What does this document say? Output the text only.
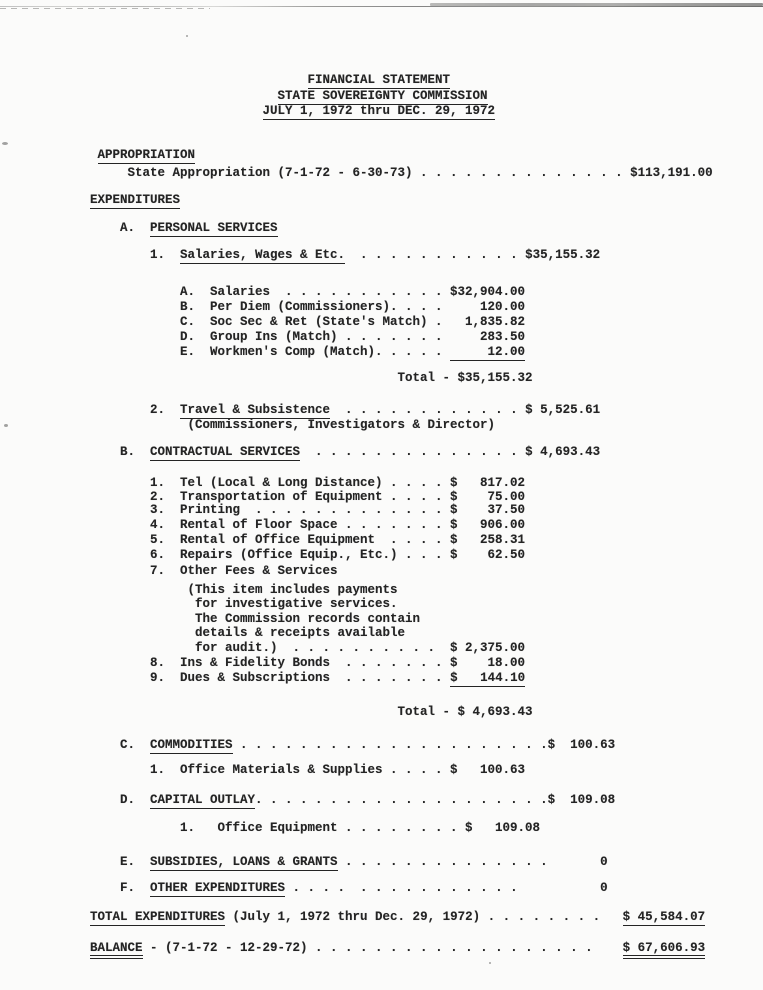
FINANCIAL STATEMENT
STATE SOVEREIGNTY COMMISSION
JULY 1, 1972 thru DEC. 29, 1972
APPROPRIATION
State Appropriation (7-1-72 - 6-30-73) . . . . . . . . . . . . . . $113,191.00
EXPENDITURES
A.  PERSONAL SERVICES
1.  Salaries, Wages & Etc.  . . . . . . . . . . . $35,155.32
A.  Salaries  . . . . . . . . . . . $32,904.00
B.  Per Diem (Commissioners). . . .     120.00
C.  Soc Sec & Ret (State's Match) .   1,835.82
D.  Group Ins (Match) . . . . . . .     283.50
E.  Workmen's Comp (Match). . . . .      12.00
Total - $35,155.32
2.  Travel & Subsistence  . . . . . . . . . . . . $ 5,525.61
(Commissioners, Investigators & Director)
B.  CONTRACTUAL SERVICES  . . . . . . . . . . . . . . $ 4,693.43
1.  Tel (Local & Long Distance) . . . . $   817.02
2.  Transportation of Equipment . . . . $    75.00
3.  Printing  . . . . . . . . . . . . . $    37.50
4.  Rental of Floor Space . . . . . . . $   906.00
5.  Rental of Office Equipment  . . . . $   258.31
6.  Repairs (Office Equip., Etc.) . . . $    62.50
7.  Other Fees & Services
(This item includes payments
for investigative services.
The Commission records contain
details & receipts available
for audit.)  . . . . . . . . . .  $ 2,375.00
8.  Ins & Fidelity Bonds  . . . . . . . $    18.00
9.  Dues & Subscriptions  . . . . . . . $   144.10
Total - $ 4,693.43
C.  COMMODITIES . . . . . . . . . . . . . . . . . . . . .$  100.63
1.  Office Materials & Supplies . . . . $   100.63
D.  CAPITAL OUTLAY. . . . . . . . . . . . . . . . . . . .$  109.08
1.   Office Equipment . . . . . . . . $   109.08
E.  SUBSIDIES, LOANS & GRANTS . . . . . . . . . . . . . .       0
F.  OTHER EXPENDITURES . . . .  . . . . . . . . . . .           0
TOTAL EXPENDITURES (July 1, 1972 thru Dec. 29, 1972) . . . . . . . .   $ 45,584.07
BALANCE - (7-1-72 - 12-29-72) . . . . . . . . . . . . . . . . . . .    $ 67,606.93
